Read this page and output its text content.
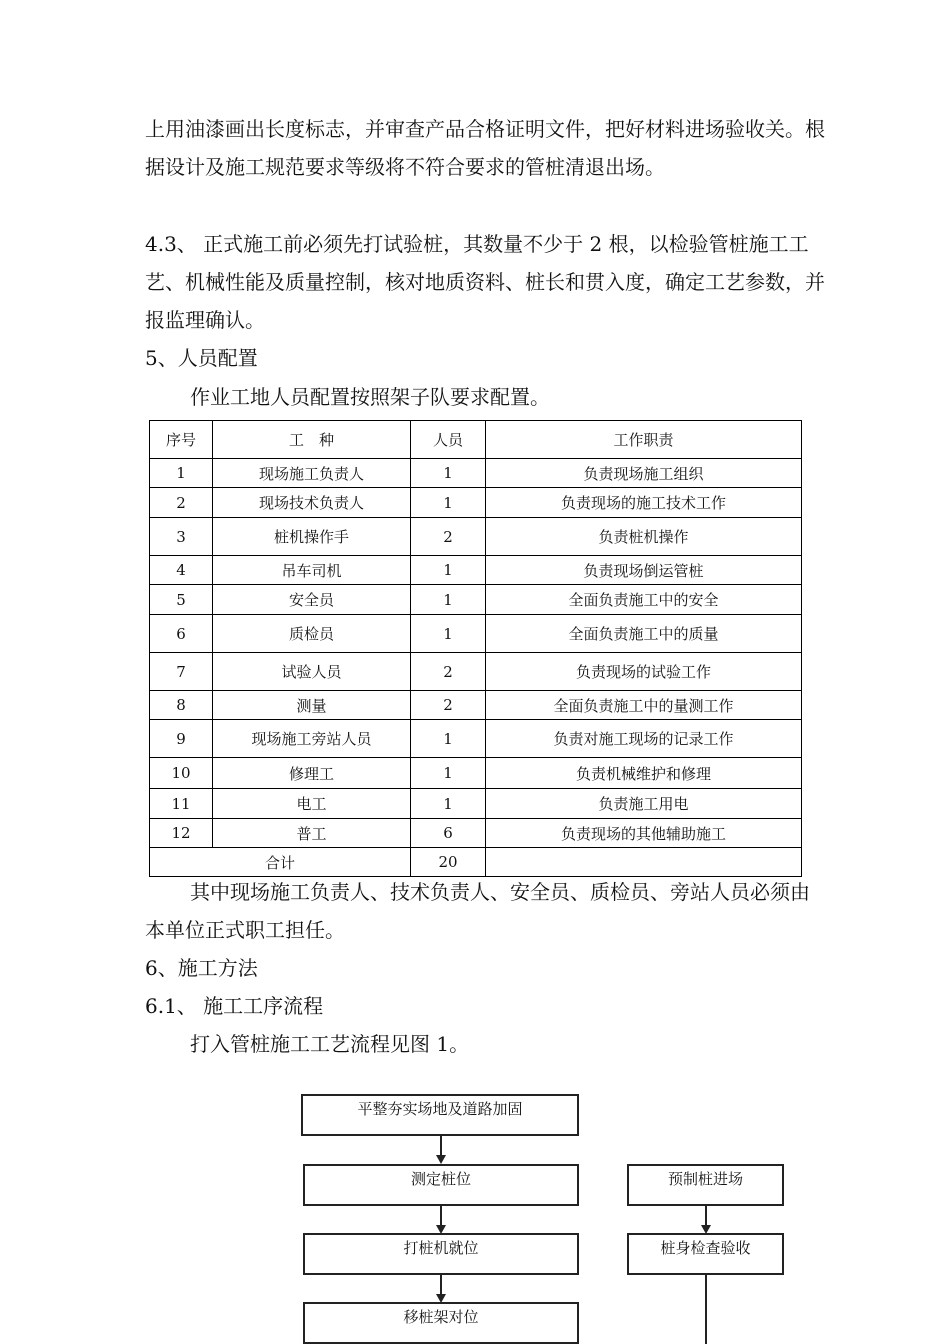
上用油漆画出长度标志，并审查产品合格证明文件，把好材料进场验收关。根据设计及施工规范要求等级将不符合要求的管桩清退出场。

4.3、 正式施工前必须先打试验桩，其数量不少于 2 根，以检验管桩施工工艺、机械性能及质量控制，核对地质资料、桩长和贯入度，确定工艺参数，并报监理确认。

5、人员配置

作业工地人员配置按照架子队要求配置。

序号	工　种	人员	工作职责
1	现场施工负责人	1	负责现场施工组织
2	现场技术负责人	1	负责现场的施工技术工作
3	桩机操作手	2	负责桩机操作
4	吊车司机	1	负责现场倒运管桩
5	安全员	1	全面负责施工中的安全
6	质检员	1	全面负责施工中的质量
7	试验人员	2	负责现场的试验工作
8	测量	2	全面负责施工中的量测工作
9	现场施工旁站人员	1	负责对施工现场的记录工作
10	修理工	1	负责机械维护和修理
11	电工	1	负责施工用电
12	普工	6	负责现场的其他辅助施工
合计		20	

其中现场施工负责人、技术负责人、安全员、质检员、旁站人员必须由本单位正式职工担任。

6、施工方法

6.1、 施工工序流程

打入管桩施工工艺流程见图 1。

平整夯实场地及道路加固
测定桩位
打桩机就位
移桩架对位
预制桩进场
桩身检查验收
